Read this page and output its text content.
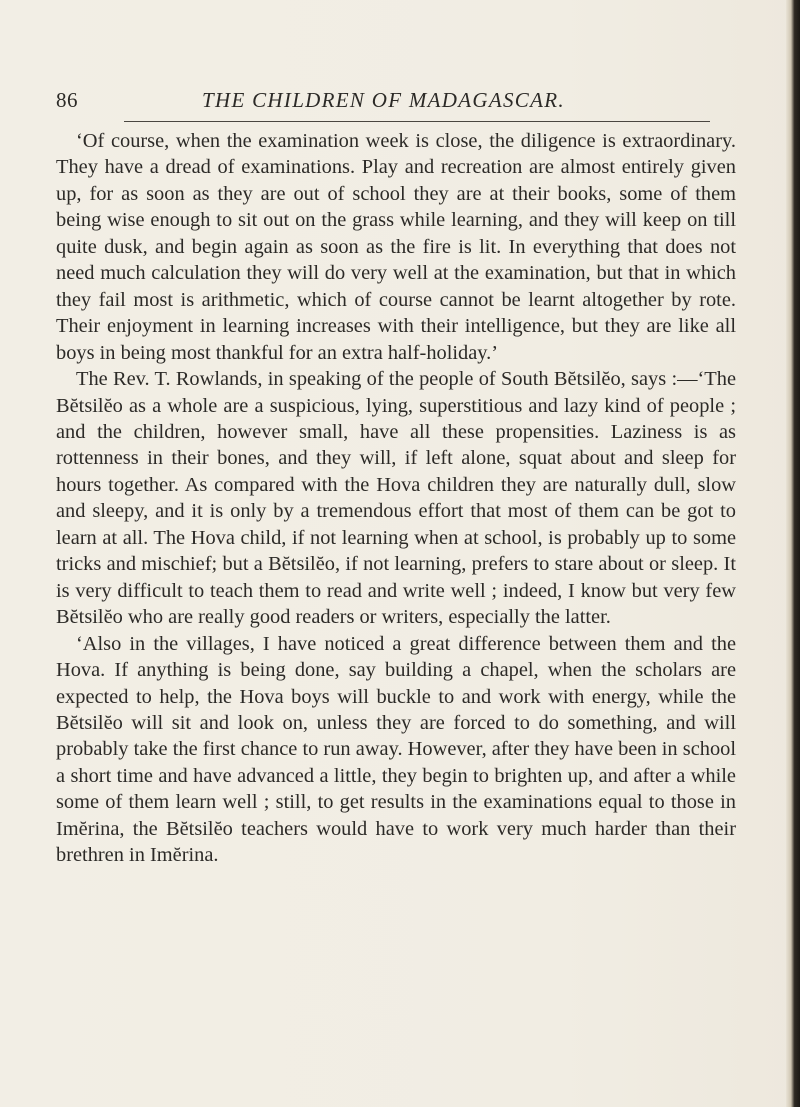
86	THE CHILDREN OF MADAGASCAR.

‘Of course, when the examination week is close, the diligence is extraordinary. They have a dread of examinations. Play and recreation are almost entirely given up, for as soon as they are out of school they are at their books, some of them being wise enough to sit out on the grass while learning, and they will keep on till quite dusk, and begin again as soon as the fire is lit. In everything that does not need much calculation they will do very well at the examination, but that in which they fail most is arithmetic, which of course cannot be learnt altogether by rote. Their enjoyment in learning increases with their intelligence, but they are like all boys in being most thankful for an extra half-holiday.’

The Rev. T. Rowlands, in speaking of the people of South Bĕtsilĕo, says :—‘The Bĕtsilĕo as a whole are a suspicious, lying, superstitious and lazy kind of people ; and the children, however small, have all these propensities. Laziness is as rottenness in their bones, and they will, if left alone, squat about and sleep for hours together. As compared with the Hova children they are naturally dull, slow and sleepy, and it is only by a tremendous effort that most of them can be got to learn at all. The Hova child, if not learning when at school, is probably up to some tricks and mischief; but a Bĕtsilĕo, if not learning, prefers to stare about or sleep. It is very difficult to teach them to read and write well ; indeed, I know but very few Bĕtsilĕo who are really good readers or writers, especially the latter.

‘Also in the villages, I have noticed a great difference between them and the Hova. If anything is being done, say building a chapel, when the scholars are expected to help, the Hova boys will buckle to and work with energy, while the Bĕtsilĕo will sit and look on, unless they are forced to do something, and will probably take the first chance to run away. However, after they have been in school a short time and have advanced a little, they begin to brighten up, and after a while some of them learn well ; still, to get results in the examinations equal to those in Imĕrina, the Bĕtsilĕo teachers would have to work very much harder than their brethren in Imĕrina.
